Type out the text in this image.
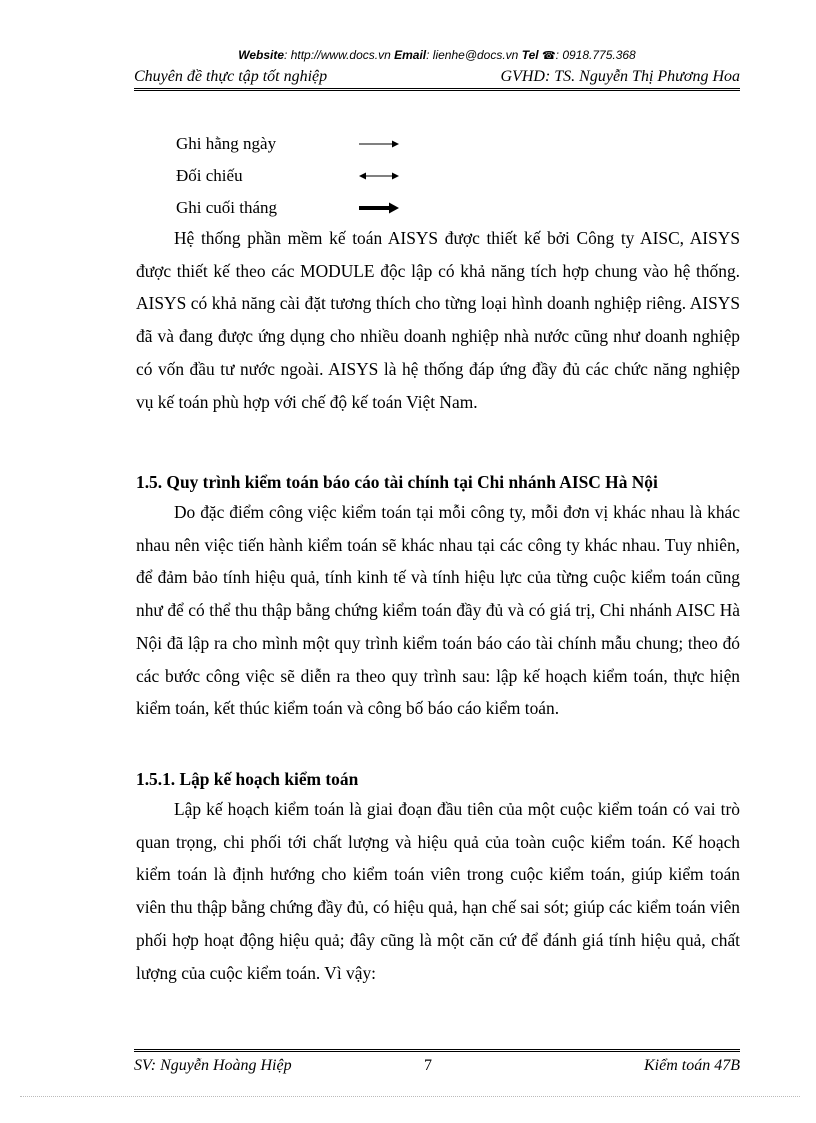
Website: http://www.docs.vn Email: lienhe@docs.vn Tel ☎: 0918.775.368
Chuyên đề thực tập tốt nghiệp	GVHD: TS. Nguyễn Thị Phương Hoa
Ghi hằng ngày
Đối chiếu
Ghi cuối tháng

Hệ thống phần mềm kế toán AISYS được thiết kế bởi Công ty AISC, AISYS được thiết kế theo các MODULE độc lập có khả năng tích hợp chung vào hệ thống. AISYS có khả năng cài đặt tương thích cho từng loại hình doanh nghiệp riêng. AISYS đã và đang được ứng dụng cho nhiều doanh nghiệp nhà nước cũng như doanh nghiệp có vốn đầu tư nước ngoài. AISYS là hệ thống đáp ứng đầy đủ các chức năng nghiệp vụ kế toán phù hợp với chế độ kế toán Việt Nam.

1.5. Quy trình kiểm toán báo cáo tài chính tại Chi nhánh AISC Hà Nội

Do đặc điểm công việc kiểm toán tại mỗi công ty, mỗi đơn vị khác nhau là khác nhau nên việc tiến hành kiểm toán sẽ khác nhau tại các công ty khác nhau. Tuy nhiên, để đảm bảo tính hiệu quả, tính kinh tế và tính hiệu lực của từng cuộc kiểm toán cũng như để có thể thu thập bằng chứng kiểm toán đầy đủ và có giá trị, Chi nhánh AISC Hà Nội đã lập ra cho mình một quy trình kiểm toán báo cáo tài chính mẫu chung; theo đó các bước công việc sẽ diễn ra theo quy trình sau: lập kế hoạch kiểm toán, thực hiện kiểm toán, kết thúc kiểm toán và công bố báo cáo kiểm toán.

1.5.1. Lập kế hoạch kiểm toán

Lập kế hoạch kiểm toán là giai đoạn đầu tiên của một cuộc kiểm toán có vai trò quan trọng, chi phối tới chất lượng và hiệu quả của toàn cuộc kiểm toán. Kế hoạch kiểm toán là định hướng cho kiểm toán viên trong cuộc kiểm toán, giúp kiểm toán viên thu thập bằng chứng đầy đủ, có hiệu quả, hạn chế sai sót; giúp các kiểm toán viên phối hợp hoạt động hiệu quả; đây cũng là một căn cứ để đánh giá tính hiệu quả, chất lượng của cuộc kiểm toán. Vì vậy:

SV: Nguyễn Hoàng Hiệp	7	Kiểm toán 47B
